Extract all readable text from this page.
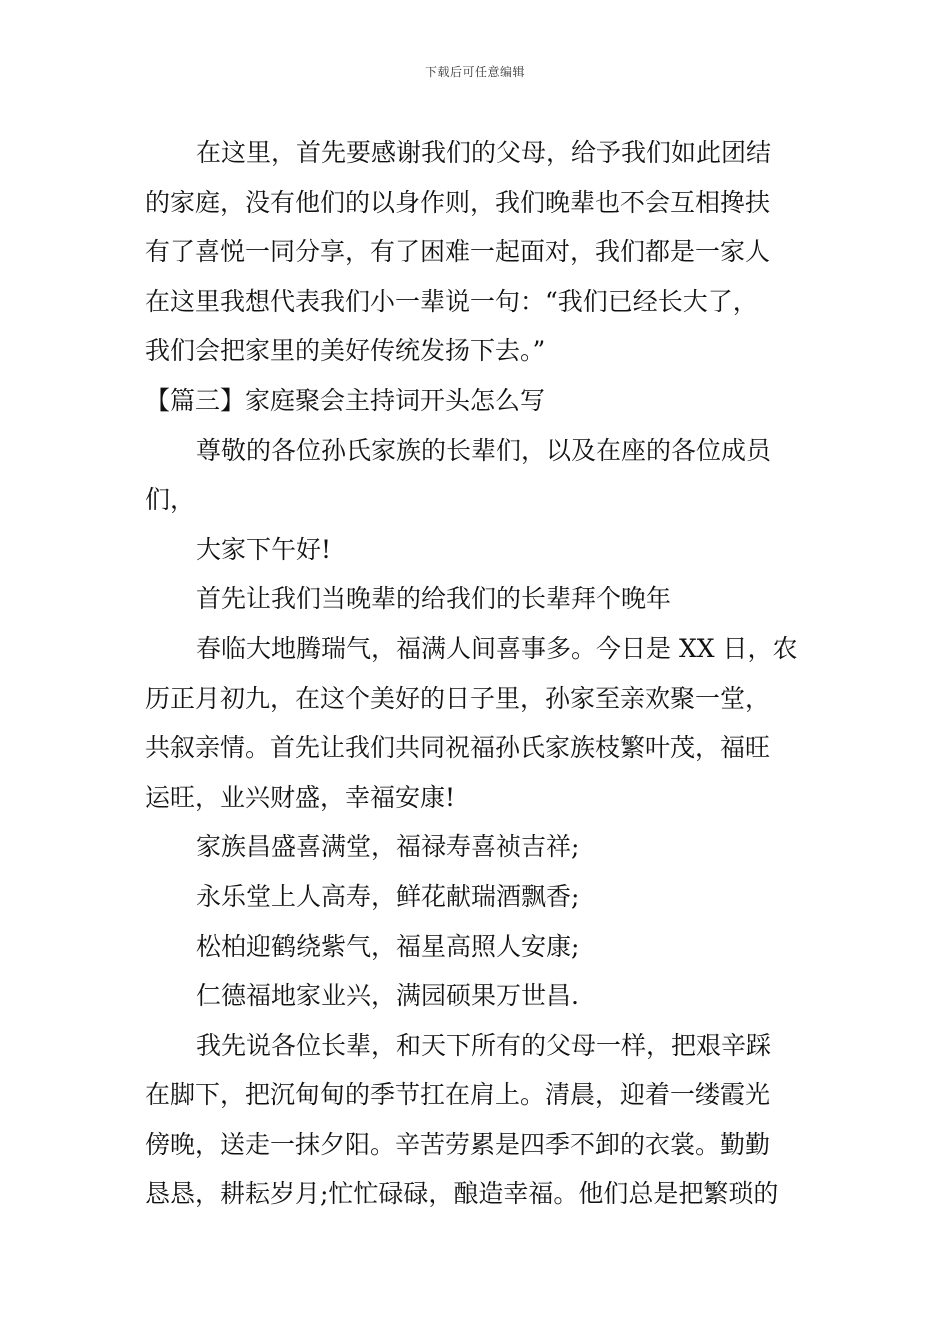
下载后可任意编辑
在这里，首先要感谢我们的父母，给予我们如此团结
的家庭，没有他们的以身作则，我们晚辈也不会互相搀扶
有了喜悦一同分享，有了困难一起面对，我们都是一家人
在这里我想代表我们小一辈说一句：“我们已经长大了，
我们会把家里的美好传统发扬下去。”
【篇三】家庭聚会主持词开头怎么写
尊敬的各位孙氏家族的长辈们，以及在座的各位成员
们，
大家下午好!
首先让我们当晚辈的给我们的长辈拜个晚年
春临大地腾瑞气，福满人间喜事多。今日是 XX 日，农
历正月初九，在这个美好的日子里，孙家至亲欢聚一堂，
共叙亲情。首先让我们共同祝福孙氏家族枝繁叶茂，福旺
运旺，业兴财盛，幸福安康!
家族昌盛喜满堂，福禄寿喜祯吉祥;
永乐堂上人高寿，鲜花献瑞酒飘香;
松柏迎鹤绕紫气，福星高照人安康;
仁德福地家业兴，满园硕果万世昌.
我先说各位长辈，和天下所有的父母一样，把艰辛踩
在脚下，把沉甸甸的季节扛在肩上。清晨，迎着一缕霞光
傍晚，送走一抹夕阳。辛苦劳累是四季不卸的衣裳。勤勤
恳恳，耕耘岁月;忙忙碌碌，酿造幸福。他们总是把繁琐的
